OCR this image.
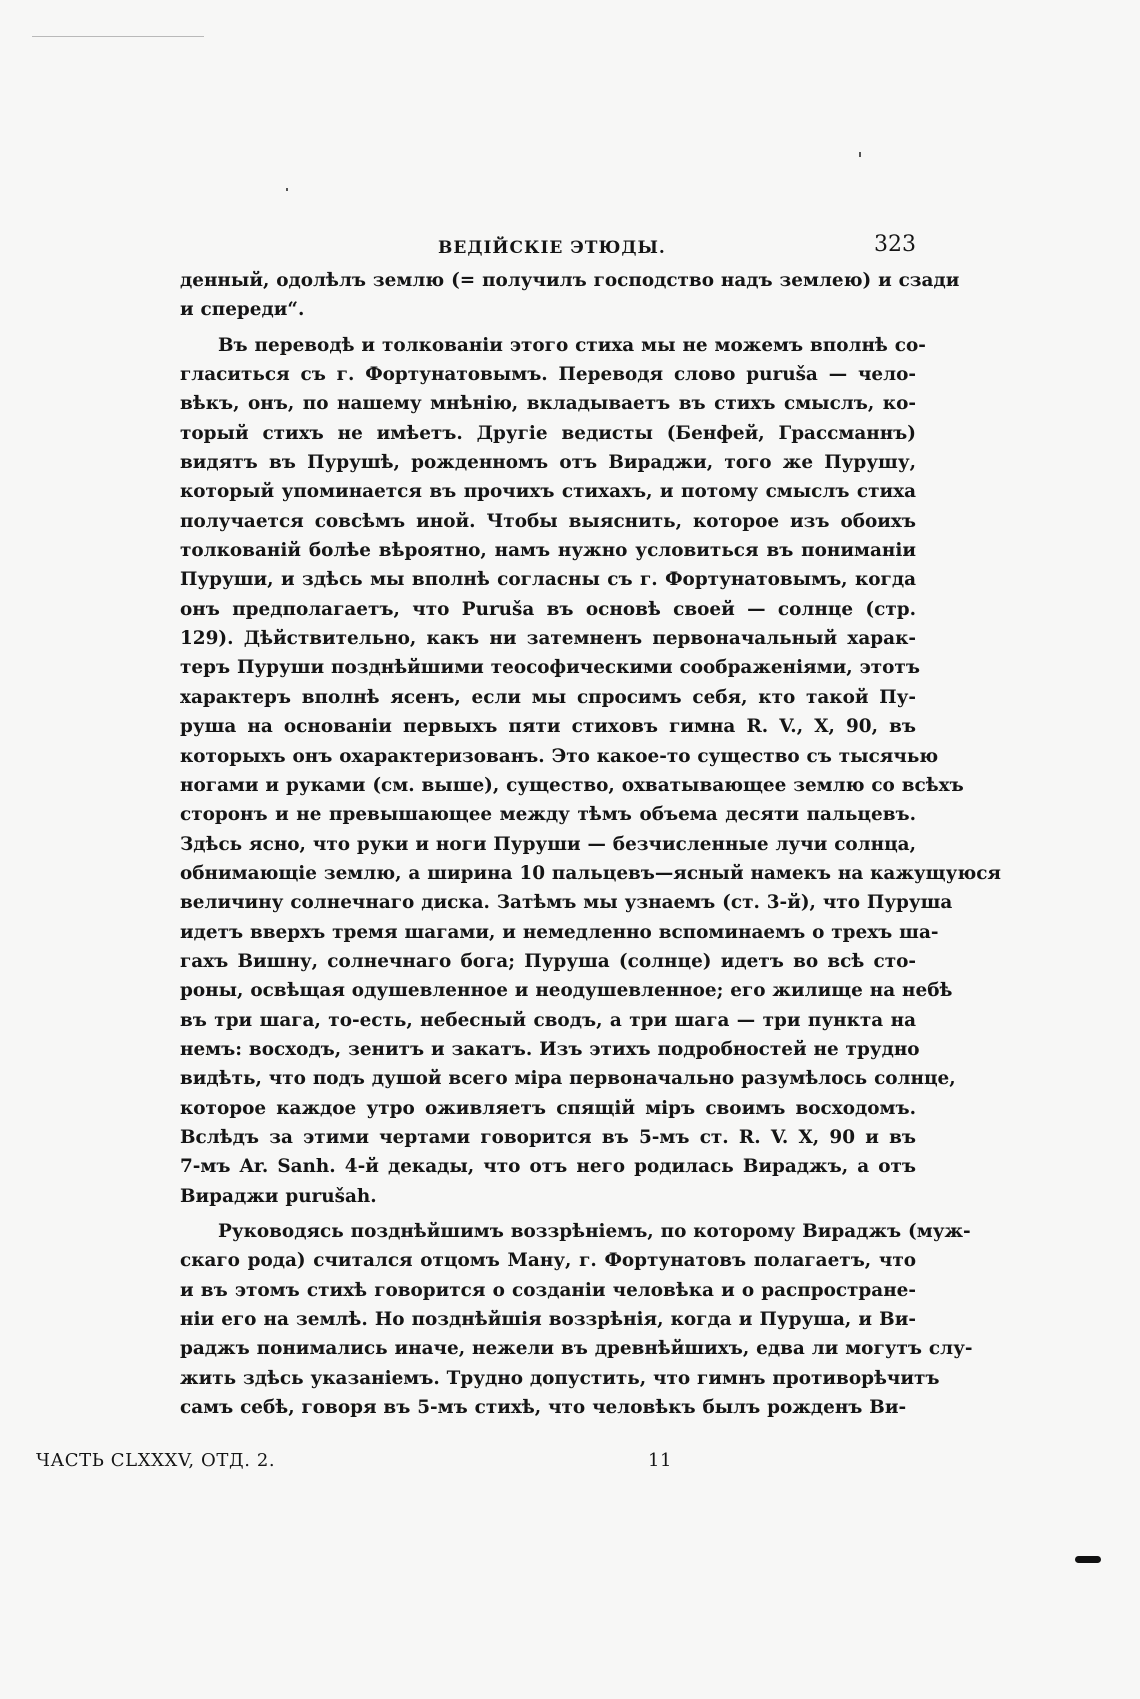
ВЕДІЙСКІЕ ЭТЮДЫ.	323

денный, одолѣлъ землю (= получилъ господство надъ землею) и сзади
и спереди“.

Въ переводѣ и толкованіи этого стиха мы не можемъ вполнѣ со-
гласиться съ г. Фортунатовымъ. Переводя слово puruša — чело-
вѣкъ, онъ, по нашему мнѣнію, вкладываетъ въ стихъ смыслъ, ко-
торый стихъ не имѣетъ. Другіе ведисты (Бенфей, Грассманнъ)
видятъ въ Пурушѣ, рожденномъ отъ Вираджи, того же Пурушу,
который упоминается въ прочихъ стихахъ, и потому смыслъ стиха
получается совсѣмъ иной. Чтобы выяснить, которое изъ обоихъ
толкованій болѣе вѣроятно, намъ нужно условиться въ пониманіи
Пуруши, и здѣсь мы вполнѣ согласны съ г. Фортунатовымъ, когда
онъ предполагаетъ, что Puruša въ основѣ своей — солнце (стр.
129). Дѣйствительно, какъ ни затемненъ первоначальный харак-
теръ Пуруши позднѣйшими теософическими соображеніями, этотъ
характеръ вполнѣ ясенъ, если мы спросимъ себя, кто такой Пу-
руша на основаніи первыхъ пяти стиховъ гимна R. V., X, 90, въ
которыхъ онъ охарактеризованъ. Это какое-то существо съ тысячью
ногами и руками (см. выше), существо, охватывающее землю со всѣхъ
сторонъ и не превышающее между тѣмъ объема десяти пальцевъ.
Здѣсь ясно, что руки и ноги Пуруши — безчисленные лучи солнца,
обнимающіе землю, а ширина 10 пальцевъ—ясный намекъ на кажущуюся
величину солнечнаго диска. Затѣмъ мы узнаемъ (ст. 3-й), что Пуруша
идетъ вверхъ тремя шагами, и немедленно вспоминаемъ о трехъ ша-
гахъ Вишну, солнечнаго бога; Пуруша (солнце) идетъ во всѣ сто-
роны, освѣщая одушевленное и неодушевленное; его жилище на небѣ
въ три шага, то-есть, небесный сводъ, а три шага — три пункта на
немъ: восходъ, зенитъ и закатъ. Изъ этихъ подробностей не трудно
видѣть, что подъ душой всего міра первоначально разумѣлось солнце,
которое каждое утро оживляетъ спящій міръ своимъ восходомъ.
Вслѣдъ за этими чертами говорится въ 5-мъ ст. R. V. X, 90 и въ
7-мъ Ar. Sanh. 4-й декады, что отъ него родилась Вираджъ, а отъ
Вираджи purušah.

Руководясь позднѣйшимъ воззрѣніемъ, по которому Вираджъ (муж-
скаго рода) считался отцомъ Ману, г. Фортунатовъ полагаетъ, что
и въ этомъ стихѣ говорится о созданіи человѣка и о распростране-
ніи его на землѣ. Но позднѣйшія воззрѣнія, когда и Пуруша, и Ви-
раджъ понимались иначе, нежели въ древнѣйшихъ, едва ли могутъ слу-
жить здѣсь указаніемъ. Трудно допустить, что гимнъ противорѣчитъ
самъ себѣ, говоря въ 5-мъ стихѣ, что человѣкъ былъ рожденъ Ви-

ЧАСТЬ CLXXXV, ОТД. 2.	11
